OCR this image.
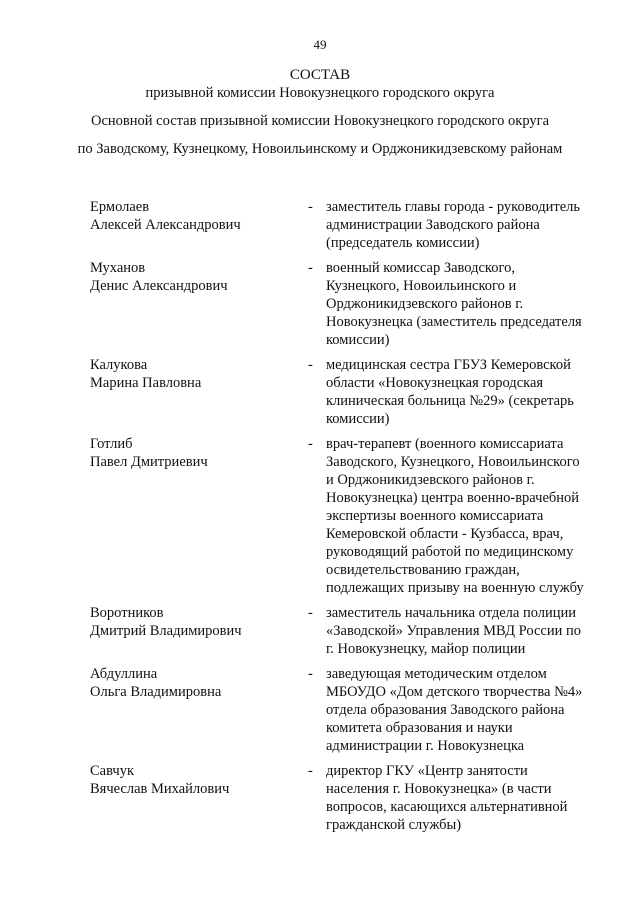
49

СОСТАВ

призывной комиссии Новокузнецкого городского округа

Основной состав призывной комиссии Новокузнецкого городского округа

по Заводскому, Кузнецкому, Новоильинскому и Орджоникидзевскому районам

Ермолаев
Алексей Александрович
- заместитель главы города - руководитель администрации Заводского района (председатель комиссии)
Муханов
Денис Александрович
- военный комиссар Заводского, Кузнецкого, Новоильинского и Орджоникидзевского районов г. Новокузнецка (заместитель председателя комиссии)
Калукова
Марина Павловна
- медицинская сестра ГБУЗ Кемеровской области «Новокузнецкая городская клиническая больница №29» (секретарь комиссии)
Готлиб
Павел Дмитриевич
- врач-терапевт (военного комиссариата Заводского, Кузнецкого, Новоильинского и Орджоникидзевского районов г. Новокузнецка) центра военно-врачебной экспертизы военного комиссариата Кемеровской области - Кузбасса, врач, руководящий работой по медицинскому освидетельствованию граждан, подлежащих призыву на военную службу
Воротников
Дмитрий Владимирович
- заместитель начальника отдела полиции «Заводской» Управления МВД России по г. Новокузнецку, майор полиции
Абдуллина
Ольга Владимировна
- заведующая методическим отделом МБОУДО «Дом детского творчества №4» отдела образования Заводского района комитета образования и науки администрации г. Новокузнецка
Савчук
Вячеслав Михайлович
- директор ГКУ «Центр занятости населения г. Новокузнецка» (в части вопросов, касающихся альтернативной гражданской службы)
